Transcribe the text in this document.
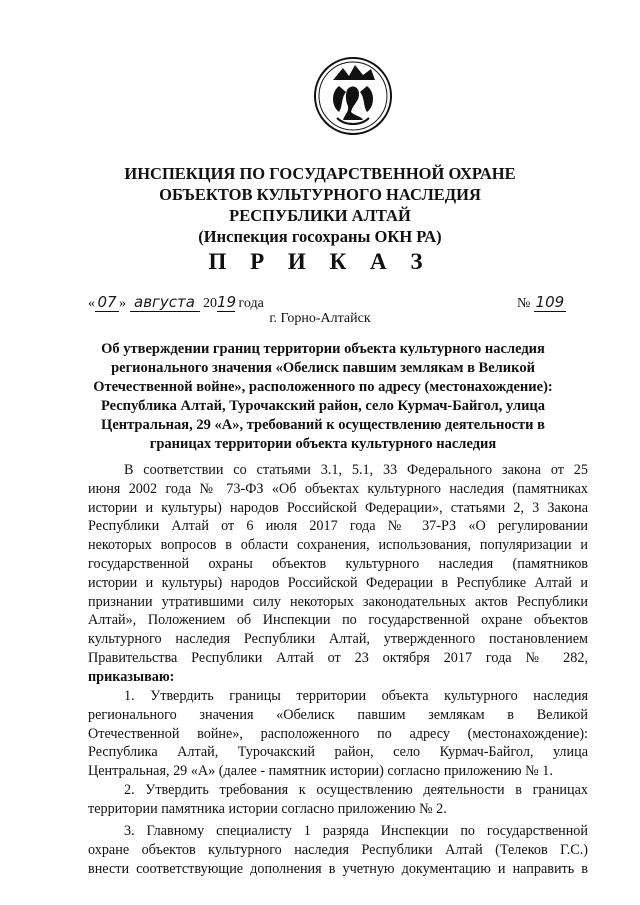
ИНСПЕКЦИЯ ПО ГОСУДАРСТВЕННОЙ ОХРАНЕ
ОБЪЕКТОВ КУЛЬТУРНОГО НАСЛЕДИЯ
РЕСПУБЛИКИ АЛТАЙ
(Инспекция госохраны ОКН РА)
П Р И К А З
« 07 » августа 2019 года	№ 109
г. Горно-Алтайск
Об утверждении границ территории объекта культурного наследия
регионального значения «Обелиск павшим землякам в Великой
Отечественной войне», расположенного по адресу (местонахождение):
Республика Алтай, Турочакский район, село Курмач-Байгол, улица
Центральная, 29 «А», требований к осуществлению деятельности в
границах территории объекта культурного наследия
В соответствии со статьями 3.1, 5.1, 33 Федерального закона от 25
июня 2002 года № 73-ФЗ «Об объектах культурного наследия (памятниках
истории и культуры) народов Российской Федерации», статьями 2, 3 Закона
Республики Алтай от 6 июля 2017 года № 37-РЗ «О регулировании
некоторых вопросов в области сохранения, использования, популяризации и
государственной охраны объектов культурного наследия (памятников
истории и культуры) народов Российской Федерации в Республике Алтай и
признании утратившими силу некоторых законодательных актов Республики
Алтай», Положением об Инспекции по государственной охране объектов
культурного наследия Республики Алтай, утвержденного постановлением
Правительства Республики Алтай от 23 октября 2017 года № 282,
приказываю:
1. Утвердить границы территории объекта культурного наследия
регионального значения «Обелиск павшим землякам в Великой
Отечественной войне», расположенного по адресу (местонахождение):
Республика Алтай, Турочакский район, село Курмач-Байгол, улица
Центральная, 29 «А» (далее - памятник истории) согласно приложению № 1.
2. Утвердить требования к осуществлению деятельности в границах
территории памятника истории согласно приложению № 2.
3. Главному специалисту 1 разряда Инспекции по государственной
охране объектов культурного наследия Республики Алтай (Телеков Г.С.)
внести соответствующие дополнения в учетную документацию и направить в
